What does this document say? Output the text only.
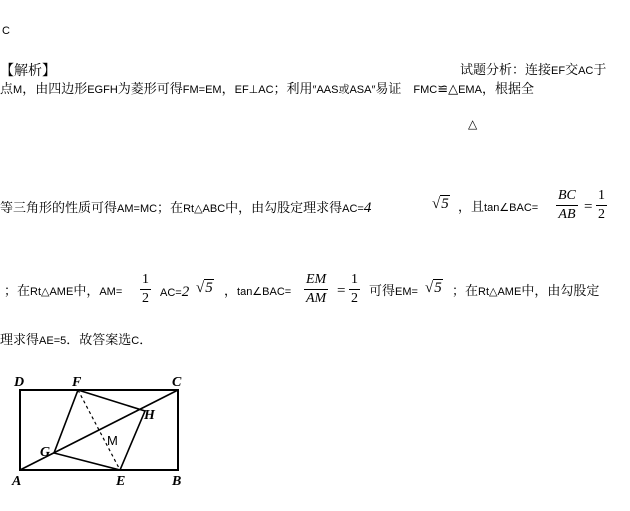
C
【解析】	试题分析：连接EF交AC于
点M，由四边形EGFH为菱形可得FM=EM，EF⊥AC；利用″AAS或ASA″易证 FMC≌△EMA，根据全
△
等三角形的性质可得AM=MC；在Rt△ABC中，由勾股定理求得AC=4	√5 ，且tan∠BAC= $\frac{BC}{AB} = \frac{1}{2}$
；在Rt△AME中，$AM= \frac{1}{2} AC=2$ √5 ，tan∠BAC= $\frac{EM}{AM} = \frac{1}{2}$ 可得EM= √5 ；在Rt△AME中，由勾股定
理求得AE=5．故答案选C．
D	F	C
H
M
G
A	E	B
